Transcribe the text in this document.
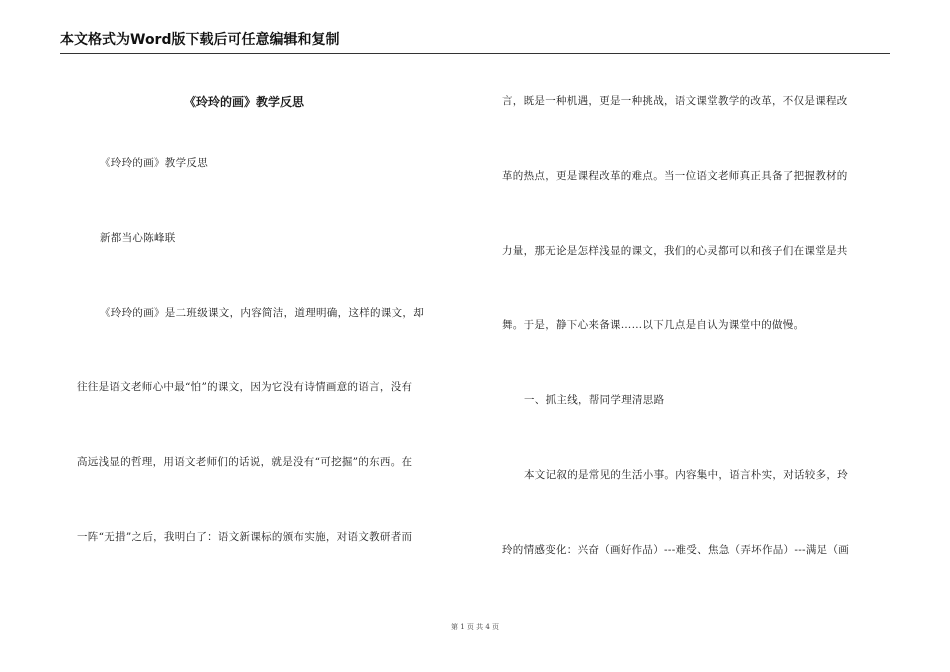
本文格式为Word版下载后可任意编辑和复制
《玲玲的画》教学反思
《玲玲的画》教学反思
新都当心陈峰联
《玲玲的画》是二班级课文，内容简洁，道理明确，这样的课文，却
往往是语文老师心中最“怕”的课文，因为它没有诗情画意的语言，没有
高远浅显的哲理，用语文老师们的话说，就是没有“可挖掘”的东西。在
一阵“无措”之后，我明白了：语文新课标的颁布实施，对语文教研者而
言，既是一种机遇，更是一种挑战，语文课堂教学的改革，不仅是课程改
革的热点，更是课程改革的难点。当一位语文老师真正具备了把握教材的
力量，那无论是怎样浅显的课文，我们的心灵都可以和孩子们在课堂是共
舞。于是，静下心来备课……以下几点是自认为课堂中的做慢。
一、抓主线，帮同学理清思路
本文记叙的是常见的生活小事。内容集中，语言朴实，对话较多，玲
玲的情感变化：兴奋（画好作品）---难受、焦急（弄坏作品）---满足（画
第 1 页 共 4 页
